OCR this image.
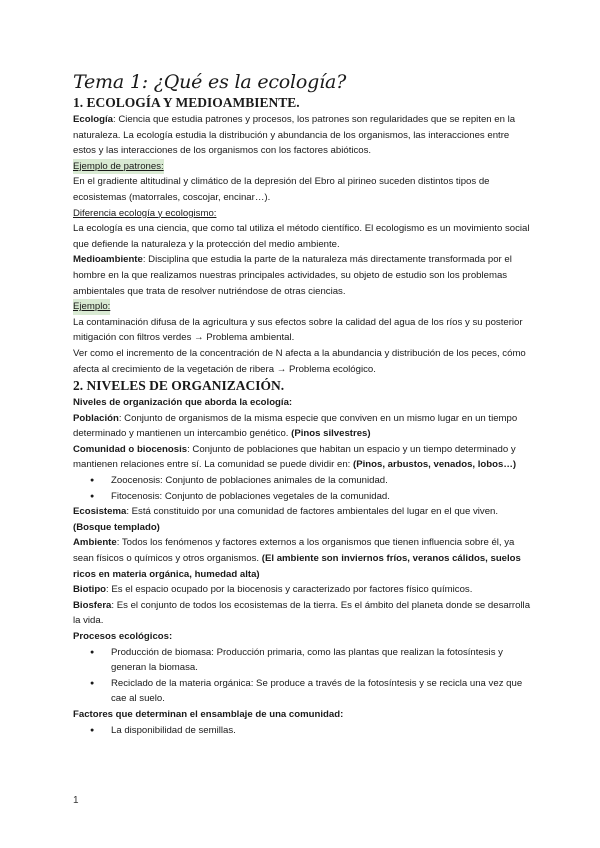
Tema 1: ¿Qué es la ecología?
1. ECOLOGÍA Y MEDIOAMBIENTE.

Ecología: Ciencia que estudia patrones y procesos, los patrones son regularidades que se repiten en la naturaleza. La ecología estudia la distribución y abundancia de los organismos, las interacciones entre estos y las interacciones de los organismos con los factores abióticos.

Ejemplo de patrones:

En el gradiente altitudinal y climático de la depresión del Ebro al pirineo suceden distintos tipos de ecosistemas (matorrales, coscojar, encinar…).

Diferencia ecología y ecologismo:

La ecología es una ciencia, que como tal utiliza el método científico. El ecologismo es un movimiento social que defiende la naturaleza y la protección del medio ambiente.

Medioambiente: Disciplina que estudia la parte de la naturaleza más directamente transformada por el hombre en la que realizamos nuestras principales actividades, su objeto de estudio son los problemas ambientales que trata de resolver nutriéndose de otras ciencias.

Ejemplo:

La contaminación difusa de la agricultura y sus efectos sobre la calidad del agua de los ríos y su posterior mitigación con filtros verdes → Problema ambiental.

Ver como el incremento de la concentración de N afecta a la abundancia y distribución de los peces, cómo afecta al crecimiento de la vegetación de ribera → Problema ecológico.

2. NIVELES DE ORGANIZACIÓN.

Niveles de organización que aborda la ecología:

Población: Conjunto de organismos de la misma especie que conviven en un mismo lugar en un tiempo determinado y mantienen un intercambio genético. (Pinos silvestres)

Comunidad o biocenosis: Conjunto de poblaciones que habitan un espacio y un tiempo determinado y mantienen relaciones entre sí. La comunidad se puede dividir en: (Pinos, arbustos, venados, lobos…)

● Zoocenosis: Conjunto de poblaciones animales de la comunidad.
● Fitocenosis: Conjunto de poblaciones vegetales de la comunidad.

Ecosistema: Está constituido por una comunidad de factores ambientales del lugar en el que viven. (Bosque templado)

Ambiente: Todos los fenómenos y factores externos a los organismos que tienen influencia sobre él, ya sean físicos o químicos y otros organismos. (El ambiente son inviernos fríos, veranos cálidos, suelos ricos en materia orgánica, humedad alta)

Biotipo: Es el espacio ocupado por la biocenosis y caracterizado por factores físico químicos.

Biosfera: Es el conjunto de todos los ecosistemas de la tierra. Es el ámbito del planeta donde se desarrolla la vida.

Procesos ecológicos:

● Producción de biomasa: Producción primaria, como las plantas que realizan la fotosíntesis y generan la biomasa.
● Reciclado de la materia orgánica: Se produce a través de la fotosíntesis y se recicla una vez que cae al suelo.

Factores que determinan el ensamblaje de una comunidad:

● La disponibilidad de semillas.
1
